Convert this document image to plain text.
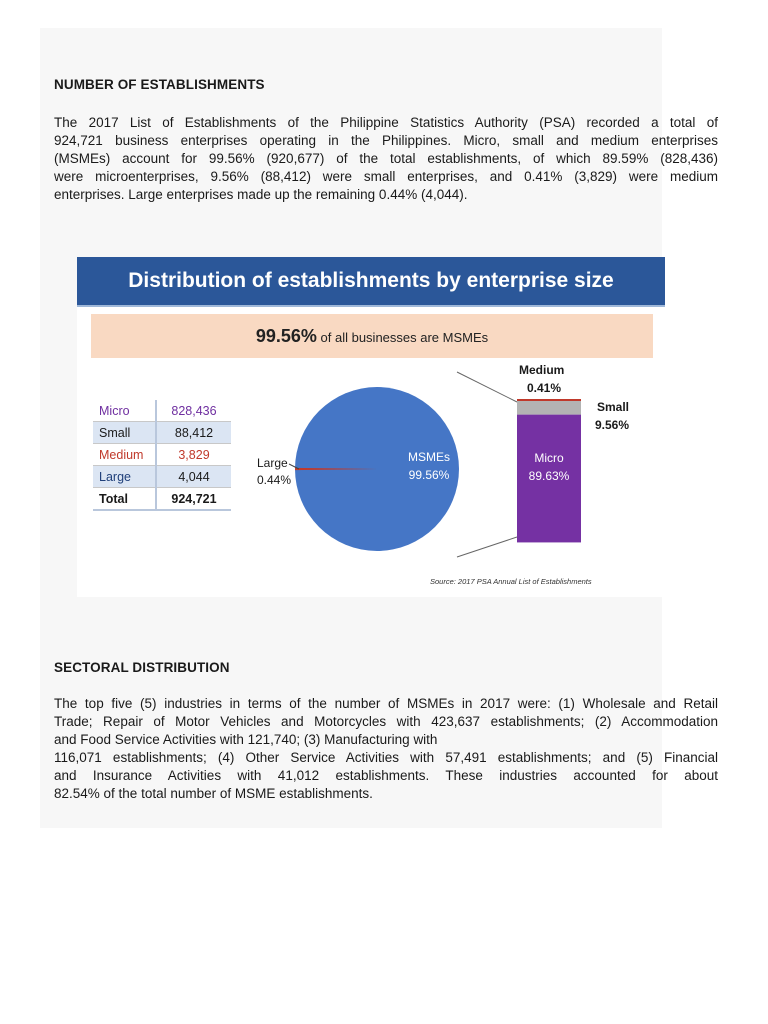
NUMBER OF ESTABLISHMENTS
The 2017 List of Establishments of the Philippine Statistics Authority (PSA) recorded a total of
924,721 business enterprises operating in the Philippines. Micro, small and medium enterprises
(MSMEs) account for 99.56% (920,677) of the total establishments, of which 89.59% (828,436)
were microenterprises, 9.56% (88,412) were small enterprises, and 0.41% (3,829) were medium
enterprises. Large enterprises made up the remaining 0.44% (4,044).
Distribution of establishments by enterprise size
99.56% of all businesses are MSMEs
Micro	828,436
Small	88,412
Medium	3,829
Large	4,044
Total	924,721
MSMEs
99.56%
Large
0.44%
Medium
0.41%
Small
9.56%
Micro
89.63%
Source: 2017 PSA Annual List of Establishments
SECTORAL DISTRIBUTION
The top five (5) industries in terms of the number of MSMEs in 2017 were: (1) Wholesale and Retail
Trade; Repair of Motor Vehicles and Motorcycles with 423,637 establishments; (2) Accommodation
and Food Service Activities with 121,740; (3) Manufacturing with
116,071 establishments; (4) Other Service Activities with 57,491 establishments; and (5) Financial
and Insurance Activities with 41,012 establishments. These industries accounted for about
82.54% of the total number of MSME establishments.
